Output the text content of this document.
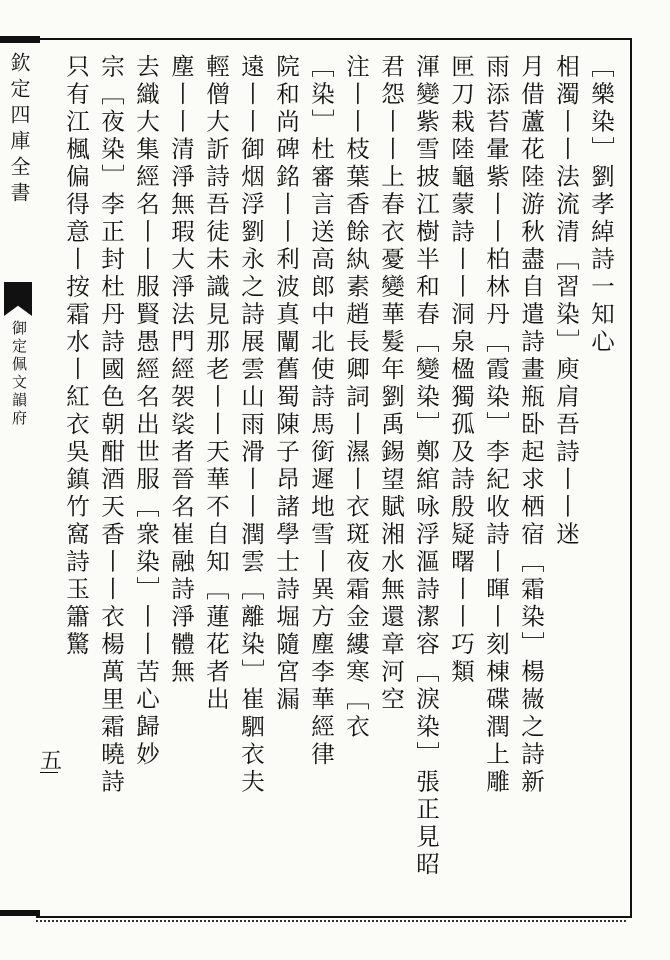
欽定四庫全書
御定佩文韻府
五
﹇樂染﹈劉孝綽詩一知心
相濁丨丨法流清﹇習染﹈庾肩吾詩丨丨迷
月借蘆花陸游秋盡自遣詩畫瓶卧起求栖宿﹇霜染﹈楊嶶之詩新
雨添苔暈紫丨丨柏林丹﹇霞染﹈李紀收詩丨暉丨刻棟碟潤上雕
匣刀栽陸龜蒙詩丨丨洞泉楹獨孤及詩殷疑曙丨丨巧類
渾變紫雪披江樹半和春﹇變染﹈鄭綰咏浮漚詩潔容﹇淚染﹈張正見昭
君怨丨丨上春衣憂變華髮年劉禹錫望賦湘水無還章河空
注丨丨枝葉香餘紈素趙長卿詞丨濕丨衣斑夜霜金縷寒﹇衣
﹇染﹈杜審言送高郎中北使詩馬銜遲地雪丨異方塵李華經律
院和尚碑銘丨丨利波真闡舊蜀陳子昂諸學士詩堀隨宮漏
遠丨丨御烟浮劉永之詩展雲山雨滑丨丨潤雲﹇離染﹈崔駟衣夫
輕僧大訢詩吾徒未識見那老丨丨天華不自知﹇蓮花者出
塵丨丨清淨無瑕大淨法門經袈裟者晉名崔融詩淨體無
去織大集經名丨丨服賢愚經名出世服﹇衆染﹈丨丨苦心歸妙
宗﹇夜染﹈李正封杜丹詩國色朝酣酒天香丨丨衣楊萬里霜曉詩
只有江楓偏得意丨按霜水丨紅衣吳鎮竹窩詩玉簫驚
